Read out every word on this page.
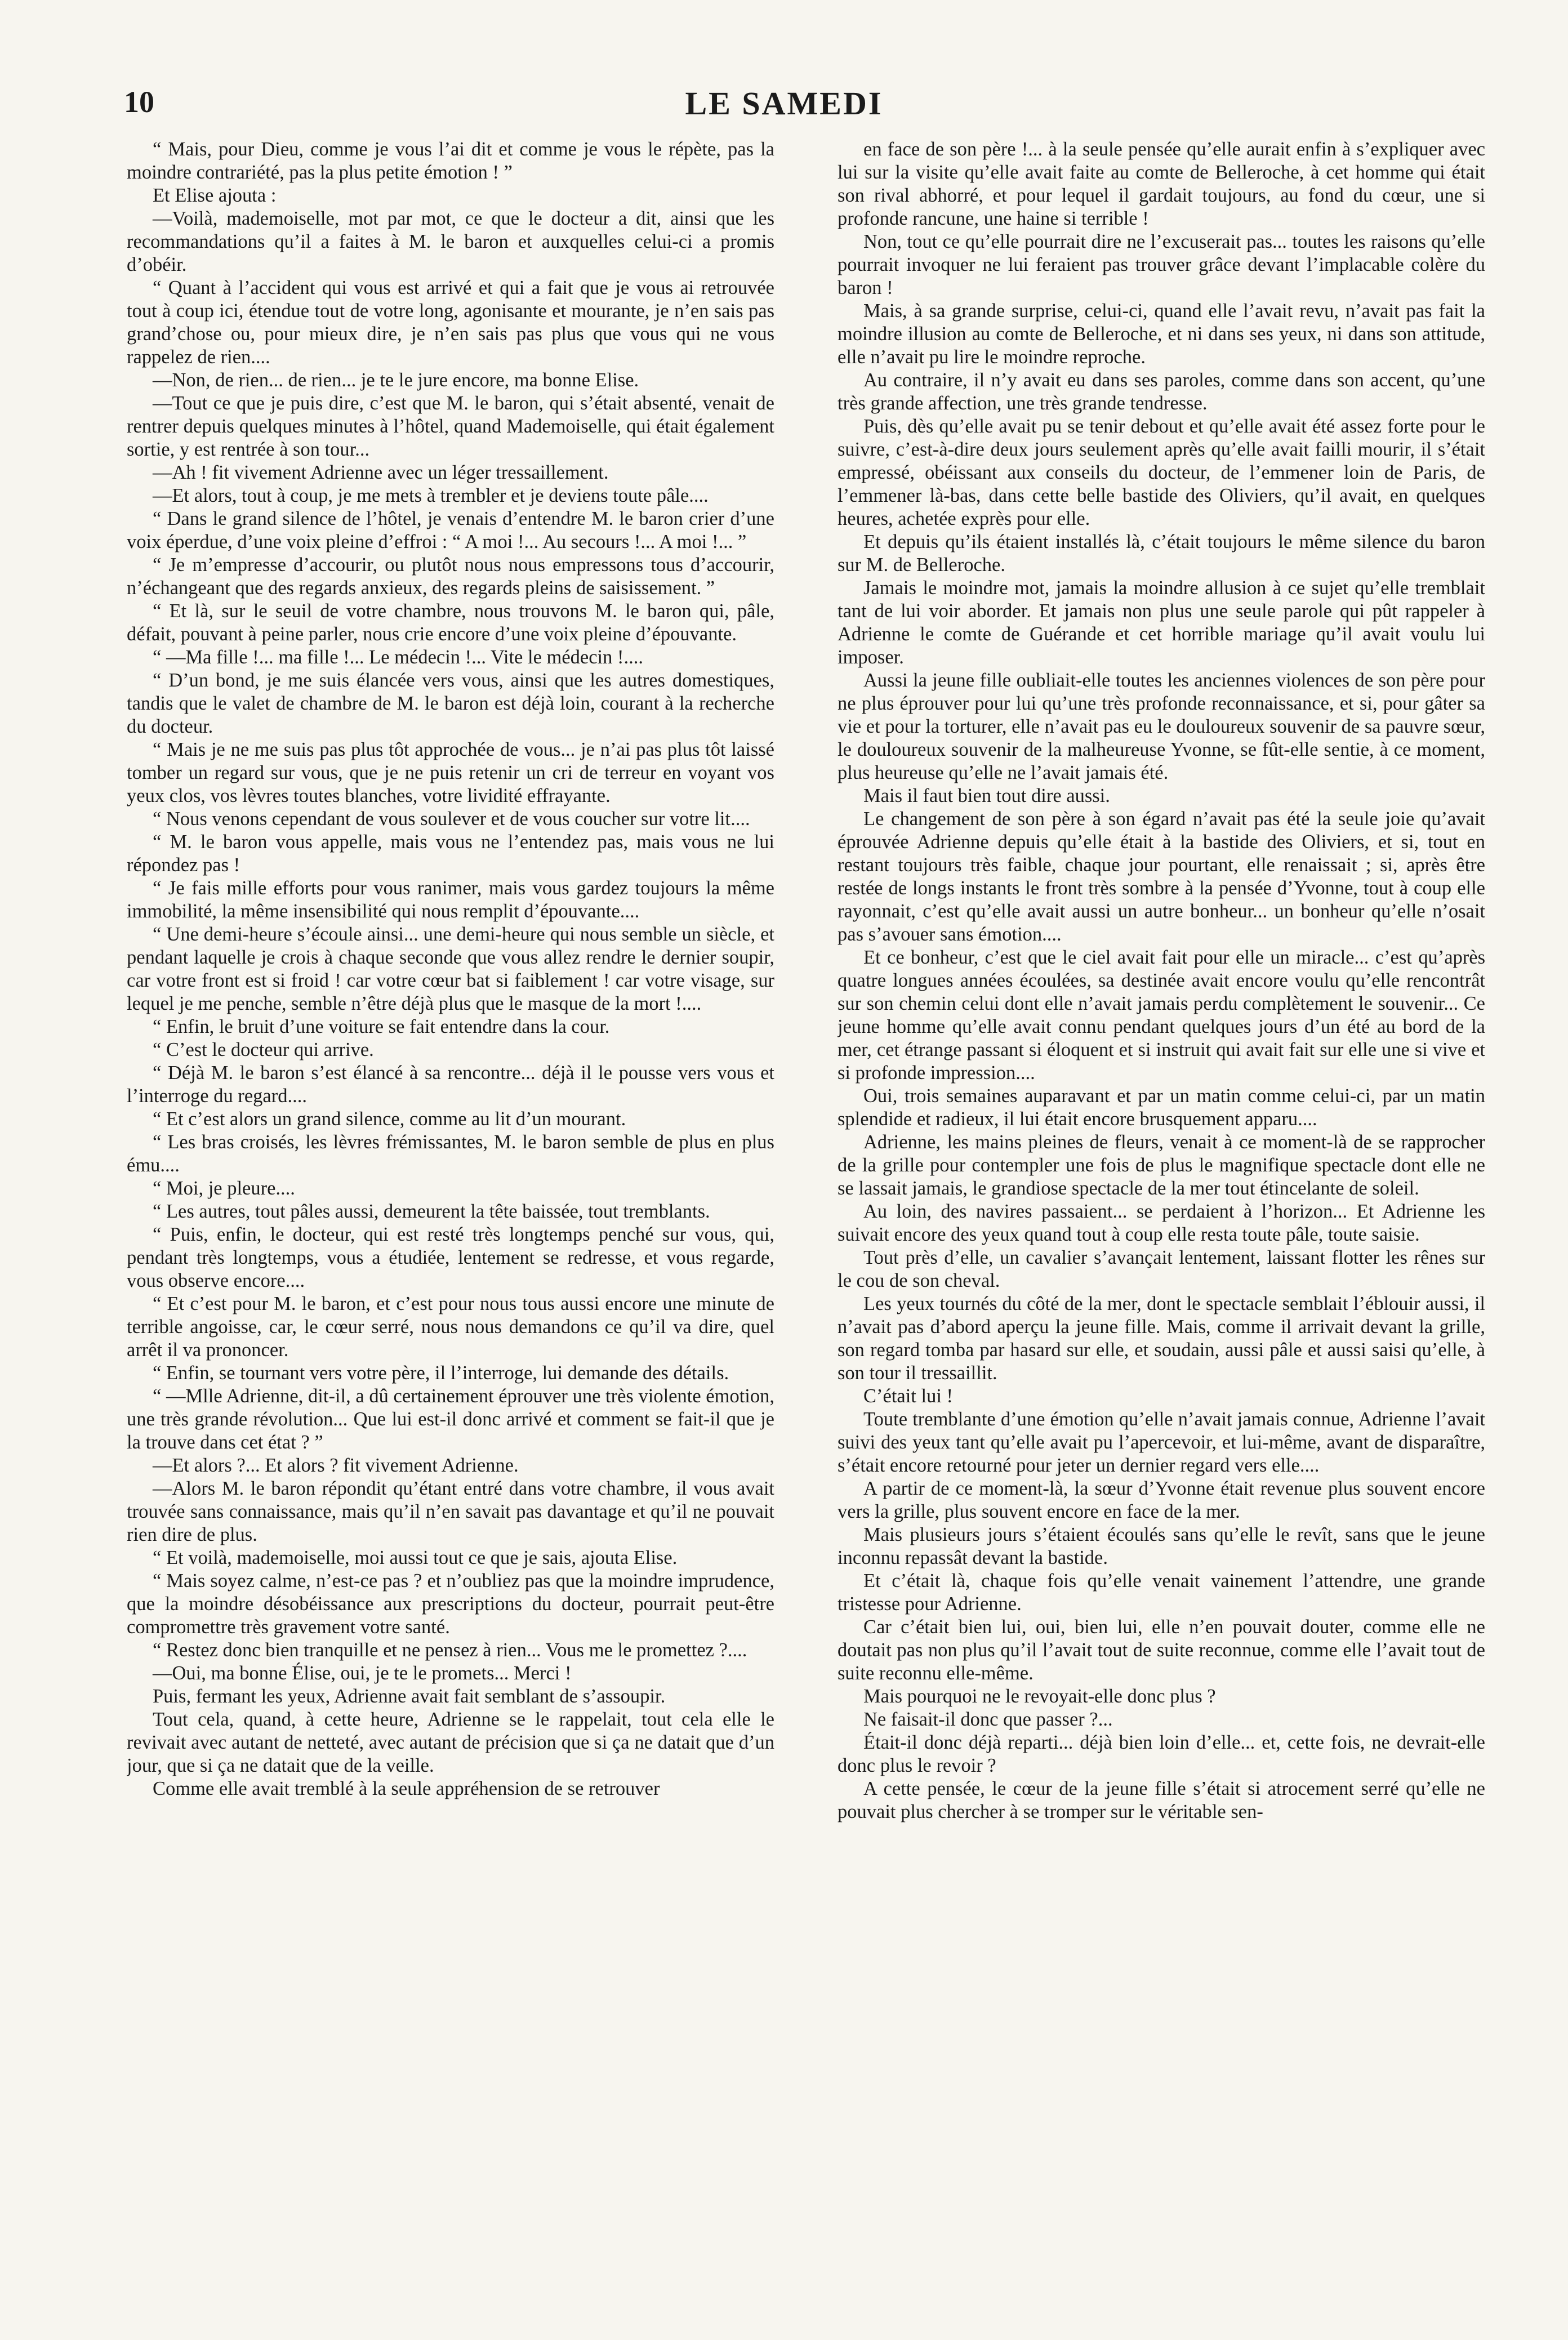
10	LE SAMEDI

“ Mais, pour Dieu, comme je vous l’ai dit et comme je vous le répète, pas la moindre contrariété, pas la plus petite émotion ! ”

Et Elise ajouta :

—Voilà, mademoiselle, mot par mot, ce que le docteur a dit, ainsi que les recommandations qu’il a faites à M. le baron et auxquelles celui-ci a promis d’obéir.

“ Quant à l’accident qui vous est arrivé et qui a fait que je vous ai retrouvée tout à coup ici, étendue tout de votre long, agonisante et mourante, je n’en sais pas grand’chose ou, pour mieux dire, je n’en sais pas plus que vous qui ne vous rappelez de rien....

—Non, de rien... de rien... je te le jure encore, ma bonne Elise.

—Tout ce que je puis dire, c’est que M. le baron, qui s’était absenté, venait de rentrer depuis quelques minutes à l’hôtel, quand Mademoiselle, qui était également sortie, y est rentrée à son tour...

—Ah ! fit vivement Adrienne avec un léger tressaillement.

—Et alors, tout à coup, je me mets à trembler et je deviens toute pâle....

“ Dans le grand silence de l’hôtel, je venais d’entendre M. le baron crier d’une voix éperdue, d’une voix pleine d’effroi : “ A moi !... Au secours !... A moi !... ”

“ Je m’empresse d’accourir, ou plutôt nous nous empressons tous d’accourir, n’échangeant que des regards anxieux, des regards pleins de saisissement. ”

“ Et là, sur le seuil de votre chambre, nous trouvons M. le baron qui, pâle, défait, pouvant à peine parler, nous crie encore d’une voix pleine d’épouvante.

“ —Ma fille !... ma fille !... Le médecin !... Vite le médecin !....

“ D’un bond, je me suis élancée vers vous, ainsi que les autres domestiques, tandis que le valet de chambre de M. le baron est déjà loin, courant à la recherche du docteur.

“ Mais je ne me suis pas plus tôt approchée de vous... je n’ai pas plus tôt laissé tomber un regard sur vous, que je ne puis retenir un cri de terreur en voyant vos yeux clos, vos lèvres toutes blanches, votre lividité effrayante.

“ Nous venons cependant de vous soulever et de vous coucher sur votre lit....

“ M. le baron vous appelle, mais vous ne l’entendez pas, mais vous ne lui répondez pas !

“ Je fais mille efforts pour vous ranimer, mais vous gardez toujours la même immobilité, la même insensibilité qui nous remplit d’épouvante....

“ Une demi-heure s’écoule ainsi... une demi-heure qui nous semble un siècle, et pendant laquelle je crois à chaque seconde que vous allez rendre le dernier soupir, car votre front est si froid ! car votre cœur bat si faiblement ! car votre visage, sur lequel je me penche, semble n’être déjà plus que le masque de la mort !....

“ Enfin, le bruit d’une voiture se fait entendre dans la cour.

“ C’est le docteur qui arrive.

“ Déjà M. le baron s’est élancé à sa rencontre... déjà il le pousse vers vous et l’interroge du regard....

“ Et c’est alors un grand silence, comme au lit d’un mourant.

“ Les bras croisés, les lèvres frémissantes, M. le baron semble de plus en plus ému....

“ Moi, je pleure....

“ Les autres, tout pâles aussi, demeurent la tête baissée, tout tremblants.

“ Puis, enfin, le docteur, qui est resté très longtemps penché sur vous, qui, pendant très longtemps, vous a étudiée, lentement se redresse, et vous regarde, vous observe encore....

“ Et c’est pour M. le baron, et c’est pour nous tous aussi encore une minute de terrible angoisse, car, le cœur serré, nous nous demandons ce qu’il va dire, quel arrêt il va prononcer.

“ Enfin, se tournant vers votre père, il l’interroge, lui demande des détails.

“ —Mlle Adrienne, dit-il, a dû certainement éprouver une très violente émotion, une très grande révolution... Que lui est-il donc arrivé et comment se fait-il que je la trouve dans cet état ? ”

—Et alors ?... Et alors ? fit vivement Adrienne.

—Alors M. le baron répondit qu’étant entré dans votre chambre, il vous avait trouvée sans connaissance, mais qu’il n’en savait pas davantage et qu’il ne pouvait rien dire de plus.

“ Et voilà, mademoiselle, moi aussi tout ce que je sais, ajouta Elise.

“ Mais soyez calme, n’est-ce pas ? et n’oubliez pas que la moindre imprudence, que la moindre désobéissance aux prescriptions du docteur, pourrait peut-être compromettre très gravement votre santé.

“ Restez donc bien tranquille et ne pensez à rien... Vous me le promettez ?....

—Oui, ma bonne Élise, oui, je te le promets... Merci !

Puis, fermant les yeux, Adrienne avait fait semblant de s’assoupir.

Tout cela, quand, à cette heure, Adrienne se le rappelait, tout cela elle le revivait avec autant de netteté, avec autant de précision que si ça ne datait que d’un jour, que si ça ne datait que de la veille.

Comme elle avait tremblé à la seule appréhension de se retrouver

en face de son père !... à la seule pensée qu’elle aurait enfin à s’expliquer avec lui sur la visite qu’elle avait faite au comte de Belleroche, à cet homme qui était son rival abhorré, et pour lequel il gardait toujours, au fond du cœur, une si profonde rancune, une haine si terrible !

Non, tout ce qu’elle pourrait dire ne l’excuserait pas... toutes les raisons qu’elle pourrait invoquer ne lui feraient pas trouver grâce devant l’implacable colère du baron !

Mais, à sa grande surprise, celui-ci, quand elle l’avait revu, n’avait pas fait la moindre illusion au comte de Belleroche, et ni dans ses yeux, ni dans son attitude, elle n’avait pu lire le moindre reproche.

Au contraire, il n’y avait eu dans ses paroles, comme dans son accent, qu’une très grande affection, une très grande tendresse.

Puis, dès qu’elle avait pu se tenir debout et qu’elle avait été assez forte pour le suivre, c’est-à-dire deux jours seulement après qu’elle avait failli mourir, il s’était empressé, obéissant aux conseils du docteur, de l’emmener loin de Paris, de l’emmener là-bas, dans cette belle bastide des Oliviers, qu’il avait, en quelques heures, achetée exprès pour elle.

Et depuis qu’ils étaient installés là, c’était toujours le même silence du baron sur M. de Belleroche.

Jamais le moindre mot, jamais la moindre allusion à ce sujet qu’elle tremblait tant de lui voir aborder. Et jamais non plus une seule parole qui pût rappeler à Adrienne le comte de Guérande et cet horrible mariage qu’il avait voulu lui imposer.

Aussi la jeune fille oubliait-elle toutes les anciennes violences de son père pour ne plus éprouver pour lui qu’une très profonde reconnaissance, et si, pour gâter sa vie et pour la torturer, elle n’avait pas eu le douloureux souvenir de sa pauvre sœur, le douloureux souvenir de la malheureuse Yvonne, se fût-elle sentie, à ce moment, plus heureuse qu’elle ne l’avait jamais été.

Mais il faut bien tout dire aussi.

Le changement de son père à son égard n’avait pas été la seule joie qu’avait éprouvée Adrienne depuis qu’elle était à la bastide des Oliviers, et si, tout en restant toujours très faible, chaque jour pourtant, elle renaissait ; si, après être restée de longs instants le front très sombre à la pensée d’Yvonne, tout à coup elle rayonnait, c’est qu’elle avait aussi un autre bonheur... un bonheur qu’elle n’osait pas s’avouer sans émotion....

Et ce bonheur, c’est que le ciel avait fait pour elle un miracle... c’est qu’après quatre longues années écoulées, sa destinée avait encore voulu qu’elle rencontrât sur son chemin celui dont elle n’avait jamais perdu complètement le souvenir... Ce jeune homme qu’elle avait connu pendant quelques jours d’un été au bord de la mer, cet étrange passant si éloquent et si instruit qui avait fait sur elle une si vive et si profonde impression....

Oui, trois semaines auparavant et par un matin comme celui-ci, par un matin splendide et radieux, il lui était encore brusquement apparu....

Adrienne, les mains pleines de fleurs, venait à ce moment-là de se rapprocher de la grille pour contempler une fois de plus le magnifique spectacle dont elle ne se lassait jamais, le grandiose spectacle de la mer tout étincelante de soleil.

Au loin, des navires passaient... se perdaient à l’horizon... Et Adrienne les suivait encore des yeux quand tout à coup elle resta toute pâle, toute saisie.

Tout près d’elle, un cavalier s’avançait lentement, laissant flotter les rênes sur le cou de son cheval.

Les yeux tournés du côté de la mer, dont le spectacle semblait l’éblouir aussi, il n’avait pas d’abord aperçu la jeune fille. Mais, comme il arrivait devant la grille, son regard tomba par hasard sur elle, et soudain, aussi pâle et aussi saisi qu’elle, à son tour il tressaillit.

C’était lui !

Toute tremblante d’une émotion qu’elle n’avait jamais connue, Adrienne l’avait suivi des yeux tant qu’elle avait pu l’apercevoir, et lui-même, avant de disparaître, s’était encore retourné pour jeter un dernier regard vers elle....

A partir de ce moment-là, la sœur d’Yvonne était revenue plus souvent encore vers la grille, plus souvent encore en face de la mer.

Mais plusieurs jours s’étaient écoulés sans qu’elle le revît, sans que le jeune inconnu repassât devant la bastide.

Et c’était là, chaque fois qu’elle venait vainement l’attendre, une grande tristesse pour Adrienne.

Car c’était bien lui, oui, bien lui, elle n’en pouvait douter, comme elle ne doutait pas non plus qu’il l’avait tout de suite reconnue, comme elle l’avait tout de suite reconnu elle-même.

Mais pourquoi ne le revoyait-elle donc plus ?

Ne faisait-il donc que passer ?...

Était-il donc déjà reparti... déjà bien loin d’elle... et, cette fois, ne devrait-elle donc plus le revoir ?

A cette pensée, le cœur de la jeune fille s’était si atrocement serré qu’elle ne pouvait plus chercher à se tromper sur le véritable sen-
